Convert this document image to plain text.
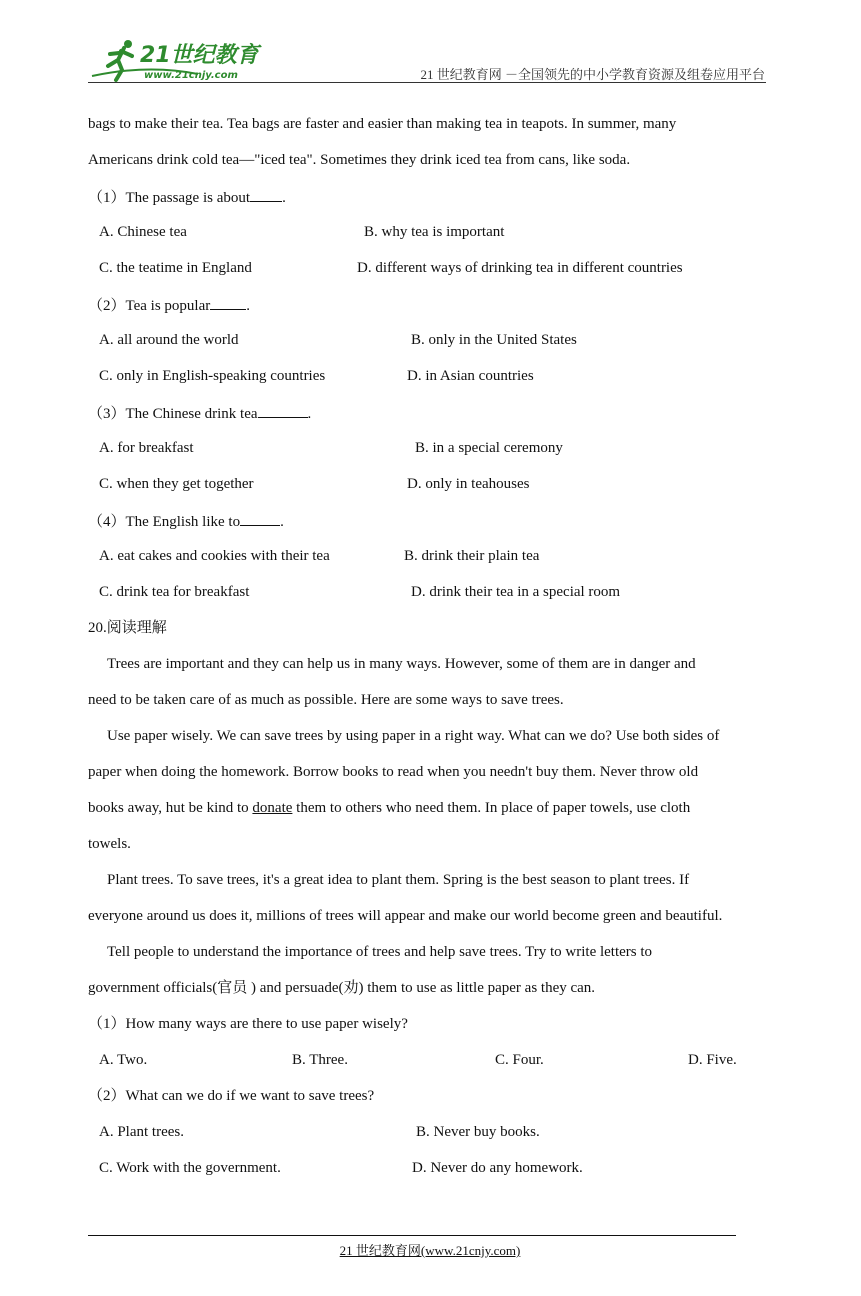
21世纪教育
www.21cnjy.com	21 世纪教育网 －全国领先的中小学教育资源及组卷应用平台
bags to make their tea. Tea bags are faster and easier than making tea in teapots. In summer, many
Americans drink cold tea—"iced tea". Sometimes they drink iced tea from cans, like soda.
（1）The passage is about .
A. Chinese tea	B. why tea is important
C. the teatime in England	D. different ways of drinking tea in different countries
（2）Tea is popular .
A. all around the world	B. only in the United States
C. only in English-speaking countries	D. in Asian countries
（3）The Chinese drink tea	.
A. for breakfast	B. in a special ceremony
C. when they get together	D. only in teahouses
（4）The English like to	.
A. eat cakes and cookies with their tea	B. drink their plain tea
C. drink tea for breakfast	D. drink their tea in a special room
20.阅读理解
Trees are important and they can help us in many ways. However, some of them are in danger and
need to be taken care of as much as possible. Here are some ways to save trees.
Use paper wisely. We can save trees by using paper in a right way. What can we do? Use both sides of
paper when doing the homework. Borrow books to read when you needn't buy them. Never throw old
books away, hut be kind to donate them to others who need them. In place of paper towels, use cloth
towels.
Plant trees. To save trees, it's a great idea to plant them. Spring is the best season to plant trees. If
everyone around us does it, millions of trees will appear and make our world become green and beautiful.
Tell people to understand the importance of trees and help save trees. Try to write letters to
government officials(官员 ) and persuade(劝) them to use as little paper as they can.
（1）How many ways are there to use paper wisely?
A. Two.	B. Three.	C. Four.	D. Five.
（2）What can we do if we want to save trees?
A. Plant trees.	B. Never buy books.
C. Work with the government.	D. Never do any homework.
21 世纪教育网(www.21cnjy.com)
